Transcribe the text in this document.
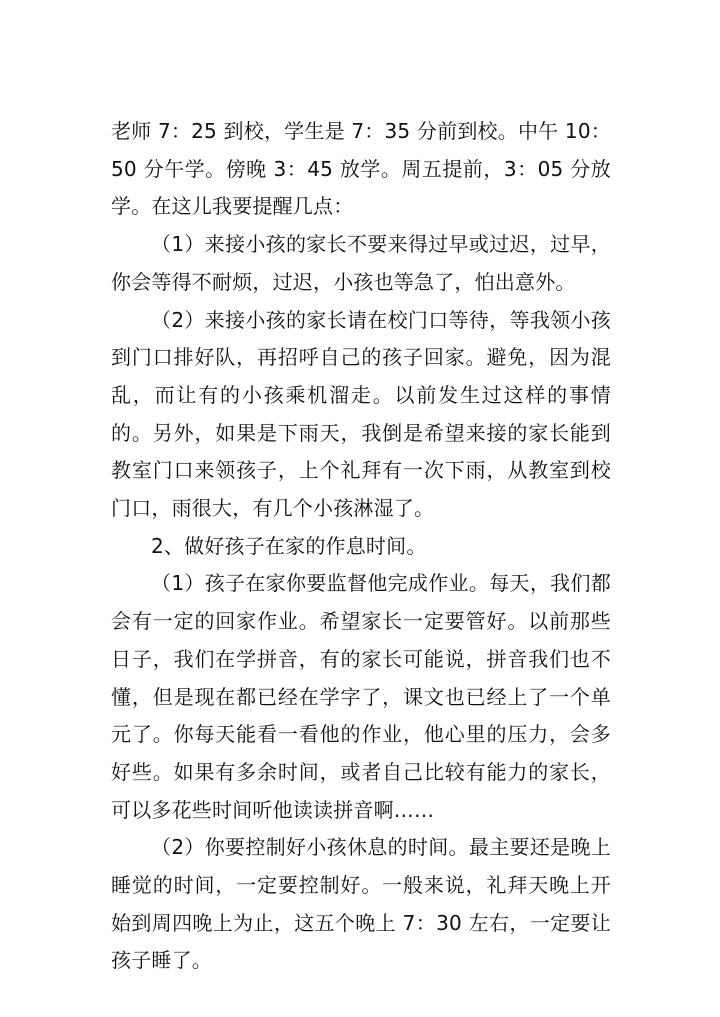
老师 7：25 到校，学生是 7：35 分前到校。中午 10：50 分午学。傍晚 3：45 放学。周五提前，3：05 分放学。在这儿我要提醒几点：

（1）来接小孩的家长不要来得过早或过迟，过早，你会等得不耐烦，过迟，小孩也等急了，怕出意外。

（2）来接小孩的家长请在校门口等待，等我领小孩到门口排好队，再招呼自己的孩子回家。避免，因为混乱，而让有的小孩乘机溜走。以前发生过这样的事情的。另外，如果是下雨天，我倒是希望来接的家长能到教室门口来领孩子，上个礼拜有一次下雨，从教室到校门口，雨很大，有几个小孩淋湿了。

2、做好孩子在家的作息时间。

（1）孩子在家你要监督他完成作业。每天，我们都会有一定的回家作业。希望家长一定要管好。以前那些日子，我们在学拼音，有的家长可能说，拼音我们也不懂，但是现在都已经在学字了，课文也已经上了一个单元了。你每天能看一看他的作业，他心里的压力，会多好些。如果有多余时间，或者自己比较有能力的家长，可以多花些时间听他读读拼音啊……

（2）你要控制好小孩休息的时间。最主要还是晚上睡觉的时间，一定要控制好。一般来说，礼拜天晚上开始到周四晚上为止，这五个晚上 7：30 左右，一定要让孩子睡了。
